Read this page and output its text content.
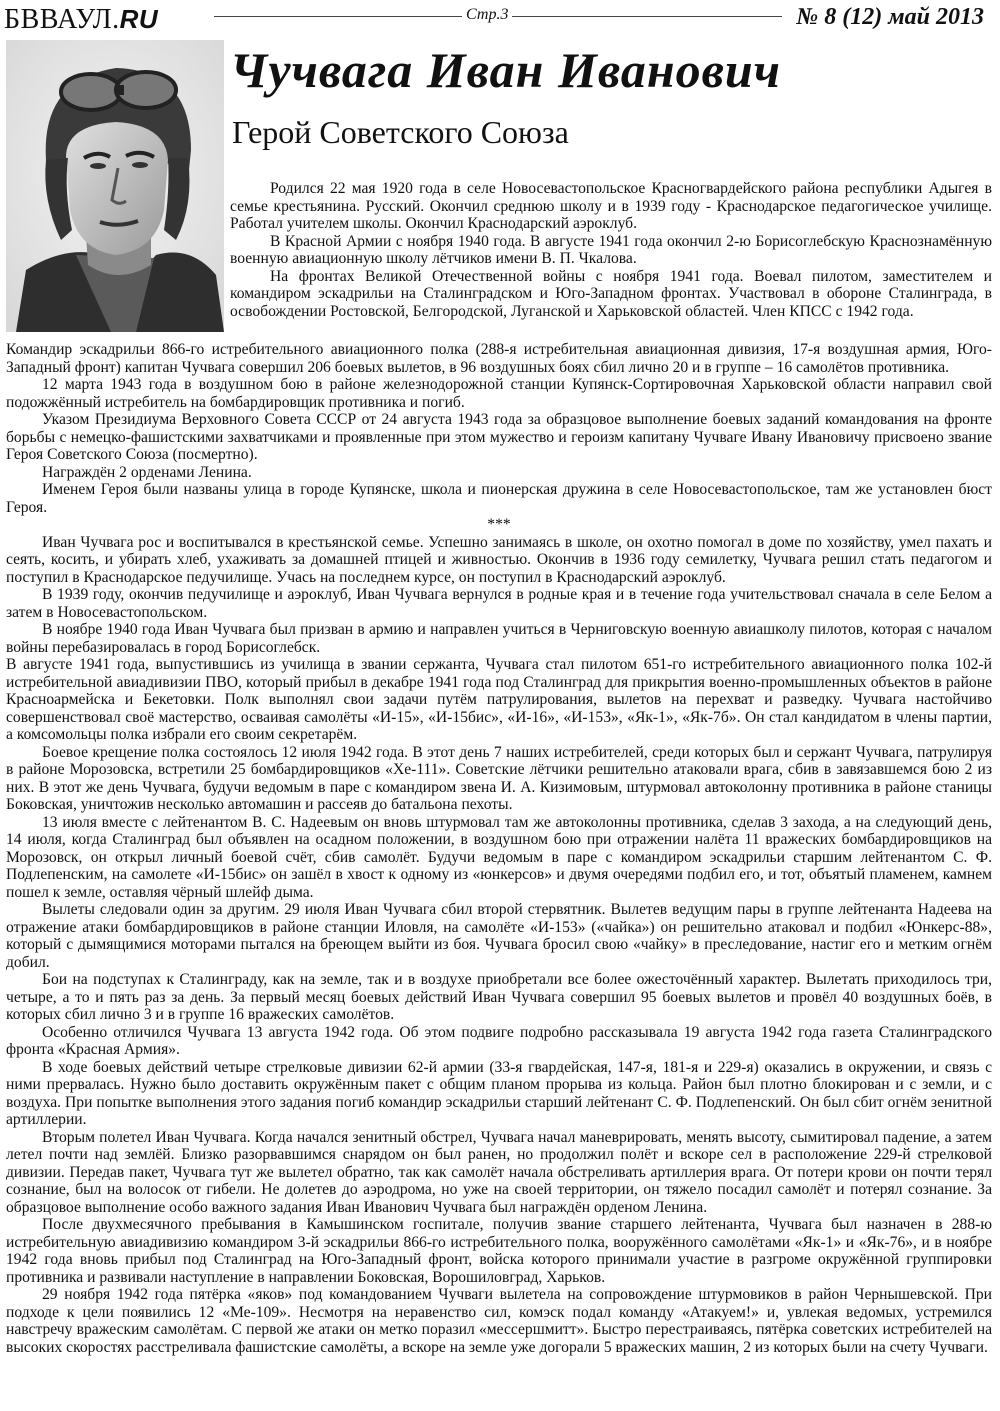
БВВАУЛ.RU	Стр.3	№ 8 (12) май 2013
Чучвага Иван Иванович
Герой Советского Союза

Родился 22 мая 1920 года в селе Новосевастопольское Красногвардейского района республики Адыгея в семье крестьянина. Русский. Окончил среднюю школу и в 1939 году - Краснодарское педагогическое училище. Работал учителем школы. Окончил Краснодарский аэроклуб.

В Красной Армии с ноября 1940 года. В августе 1941 года окончил 2-ю Борисоглебскую Краснознамённую военную авиационную школу лётчиков имени В. П. Чкалова.

На фронтах Великой Отечественной войны с ноября 1941 года. Воевал пилотом, заместителем и командиром эскадрильи на Сталинградском и Юго-Западном фронтах. Участвовал в обороне Сталинграда, в освобождении Ростовской, Белгородской, Луганской и Харьковской областей. Член КПСС с 1942 года.

Командир эскадрильи 866-го истребительного авиационного полка (288-я истребительная авиационная дивизия, 17-я воздушная армия, Юго-Западный фронт) капитан Чучвага совершил 206 боевых вылетов, в 96 воздушных боях сбил лично 20 и в группе – 16 самолётов противника.

12 марта 1943 года в воздушном бою в районе железнодорожной станции Купянск-Сортировочная Харьковской области направил свой подожжённый истребитель на бомбардировщик противника и погиб.

Указом Президиума Верховного Совета СССР от 24 августа 1943 года за образцовое выполнение боевых заданий командования на фронте борьбы с немецко-фашистскими захватчиками и проявленные при этом мужество и героизм капитану Чучваге Ивану Ивановичу присвоено звание Героя Советского Союза (посмертно).

Награждён 2 орденами Ленина.

Именем Героя были названы улица в городе Купянске, школа и пионерская дружина в селе Новосевастопольское, там же установлен бюст Героя.

***

Иван Чучвага рос и воспитывался в крестьянской семье. Успешно занимаясь в школе, он охотно помогал в доме по хозяйству, умел пахать и сеять, косить, и убирать хлеб, ухаживать за домашней птицей и живностью. Окончив в 1936 году семилетку, Чучвага решил стать педагогом и поступил в Краснодарское педучилище. Учась на последнем курсе, он поступил в Краснодарский аэроклуб.

В 1939 году, окончив педучилище и аэроклуб, Иван Чучвага вернулся в родные края и в течение года учительствовал сначала в селе Белом а затем в Новосевастопольском.

В ноябре 1940 года Иван Чучвага был призван в армию и направлен учиться в Черниговскую военную авиашколу пилотов, которая с началом войны перебазировалась в город Борисоглебск.

В августе 1941 года, выпустившись из училища в звании сержанта, Чучвага стал пилотом 651-го истребительного авиационного полка 102-й истребительной авиадивизии ПВО, который прибыл в декабре 1941 года под Сталинград для прикрытия военно-промышленных объектов в районе Красноармейска и Бекетовки. Полк выполнял свои задачи путём патрулирования, вылетов на перехват и разведку. Чучвага настойчиво совершенствовал своё мастерство, осваивая самолёты «И-15», «И-15бис», «И-16», «И-153», «Як-1», «Як-7б». Он стал кандидатом в члены партии, а комсомольцы полка избрали его своим секретарём.

Боевое крещение полка состоялось 12 июля 1942 года. В этот день 7 наших истребителей, среди которых был и сержант Чучвага, патрулируя в районе Морозовска, встретили 25 бомбардировщиков «Хе-111». Советские лётчики решительно атаковали врага, сбив в завязавшемся бою 2 из них. В этот же день Чучвага, будучи ведомым в паре с командиром звена И. А. Кизимовым, штурмовал автоколонну противника в районе станицы Боковская, уничтожив несколько автомашин и рассеяв до батальона пехоты.

13 июля вместе с лейтенантом В. С. Надеевым он вновь штурмовал там же автоколонны противника, сделав 3 захода, а на следующий день, 14 июля, когда Сталинград был объявлен на осадном положении, в воздушном бою при отражении налёта 11 вражеских бомбардировщиков на Морозовск, он открыл личный боевой счёт, сбив самолёт. Будучи ведомым в паре с командиром эскадрильи старшим лейтенантом С. Ф. Подлепенским, на самолете «И-15бис» он зашёл в хвост к одному из «юнкерсов» и двумя очередями подбил его, и тот, объятый пламенем, камнем пошел к земле, оставляя чёрный шлейф дыма.

Вылеты следовали один за другим. 29 июля Иван Чучвага сбил второй стервятник. Вылетев ведущим пары в группе лейтенанта Надеева на отражение атаки бомбардировщиков в районе станции Иловля, на самолёте «И-153» («чайка») он решительно атаковал и подбил «Юнкерс-88», который с дымящимися моторами пытался на бреющем выйти из боя. Чучвага бросил свою «чайку» в преследование, настиг его и метким огнём добил.

Бои на подступах к Сталинграду, как на земле, так и в воздухе приобретали все более ожесточённый характер. Вылетать приходилось три, четыре, а то и пять раз за день. За первый месяц боевых действий Иван Чучвага совершил 95 боевых вылетов и провёл 40 воздушных боёв, в которых сбил лично 3 и в группе 16 вражеских самолётов.

Особенно отличился Чучвага 13 августа 1942 года. Об этом подвиге подробно рассказывала 19 августа 1942 года газета Сталинградского фронта «Красная Армия».

В ходе боевых действий четыре стрелковые дивизии 62-й армии (33-я гвардейская, 147-я, 181-я и 229-я) оказались в окружении, и связь с ними прервалась. Нужно было доставить окружённым пакет с общим планом прорыва из кольца. Район был плотно блокирован и с земли, и с воздуха. При попытке выполнения этого задания погиб командир эскадрильи старший лейтенант С. Ф. Подлепенский. Он был сбит огнём зенитной артиллерии.

Вторым полетел Иван Чучвага. Когда начался зенитный обстрел, Чучвага начал маневрировать, менять высоту, сымитировал падение, а затем летел почти над землёй. Близко разорвавшимся снарядом он был ранен, но продолжил полёт и вскоре сел в расположение 229-й стрелковой дивизии. Передав пакет, Чучвага тут же вылетел обратно, так как самолёт начала обстреливать артиллерия врага. От потери крови он почти терял сознание, был на волосок от гибели. Не долетев до аэродрома, но уже на своей территории, он тяжело посадил самолёт и потерял сознание. За образцовое выполнение особо важного задания Иван Иванович Чучвага был награждён орденом Ленина.

После двухмесячного пребывания в Камышинском госпитале, получив звание старшего лейтенанта, Чучвага был назначен в 288-ю истребительную авиадивизию командиром 3-й эскадрильи 866-го истребительного полка, вооружённого самолётами «Як-1» и «Як-76», и в ноябре 1942 года вновь прибыл под Сталинград на Юго-Западный фронт, войска которого принимали участие в разгроме окружённой группировки противника и развивали наступление в направлении Боковская, Ворошиловград, Харьков.

29 ноября 1942 года пятёрка «яков» под командованием Чучваги вылетела на сопровождение штурмовиков в район Чернышевской. При подходе к цели появились 12 «Ме-109». Несмотря на неравенство сил, комэск подал команду «Атакуем!» и, увлекая ведомых, устремился навстречу вражеским самолётам. С первой же атаки он метко поразил «мессершмитт». Быстро перестраиваясь, пятёрка советских истребителей на высоких скоростях расстреливала фашистские самолёты, а вскоре на земле уже догорали 5 вражеских машин, 2 из которых были на счету Чучваги.
